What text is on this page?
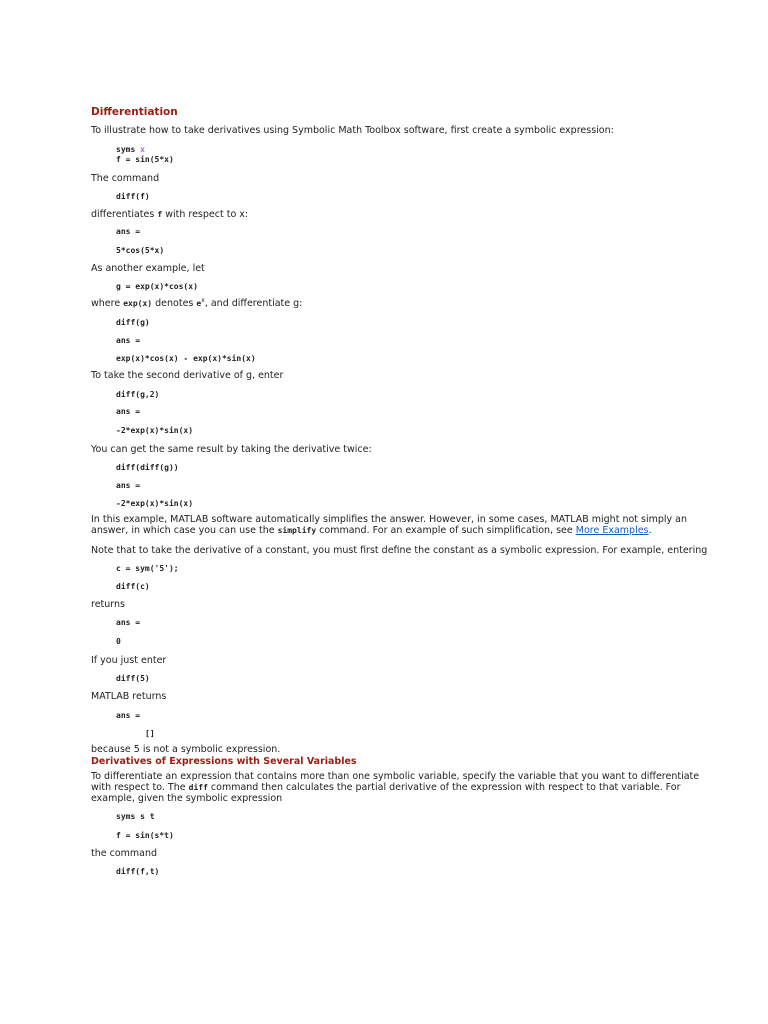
Differentiation
To illustrate how to take derivatives using Symbolic Math Toolbox software, first create a symbolic expression:
syms x
f = sin(5*x)
The command
diff(f)
differentiates f with respect to x:
ans =
5*cos(5*x)
As another example, let
g = exp(x)*cos(x)
where exp(x) denotes $e^x$, and differentiate g:
diff(g)
ans =
exp(x)*cos(x) - exp(x)*sin(x)
To take the second derivative of g, enter
diff(g,2)
ans =
-2*exp(x)*sin(x)
You can get the same result by taking the derivative twice:
diff(diff(g))
ans =
-2*exp(x)*sin(x)
In this example, MATLAB software automatically simplifies the answer. However, in some cases, MATLAB might not simply an
answer, in which case you can use the simplify command. For an example of such simplification, see More Examples.
Note that to take the derivative of a constant, you must first define the constant as a symbolic expression. For example, entering
c = sym('5');
diff(c)
returns
ans =
0
If you just enter
diff(5)
MATLAB returns
ans =
[]
because 5 is not a symbolic expression.
Derivatives of Expressions with Several Variables
To differentiate an expression that contains more than one symbolic variable, specify the variable that you want to differentiate
with respect to. The diff command then calculates the partial derivative of the expression with respect to that variable. For
example, given the symbolic expression
syms s t
f = sin(s*t)
the command
diff(f,t)
